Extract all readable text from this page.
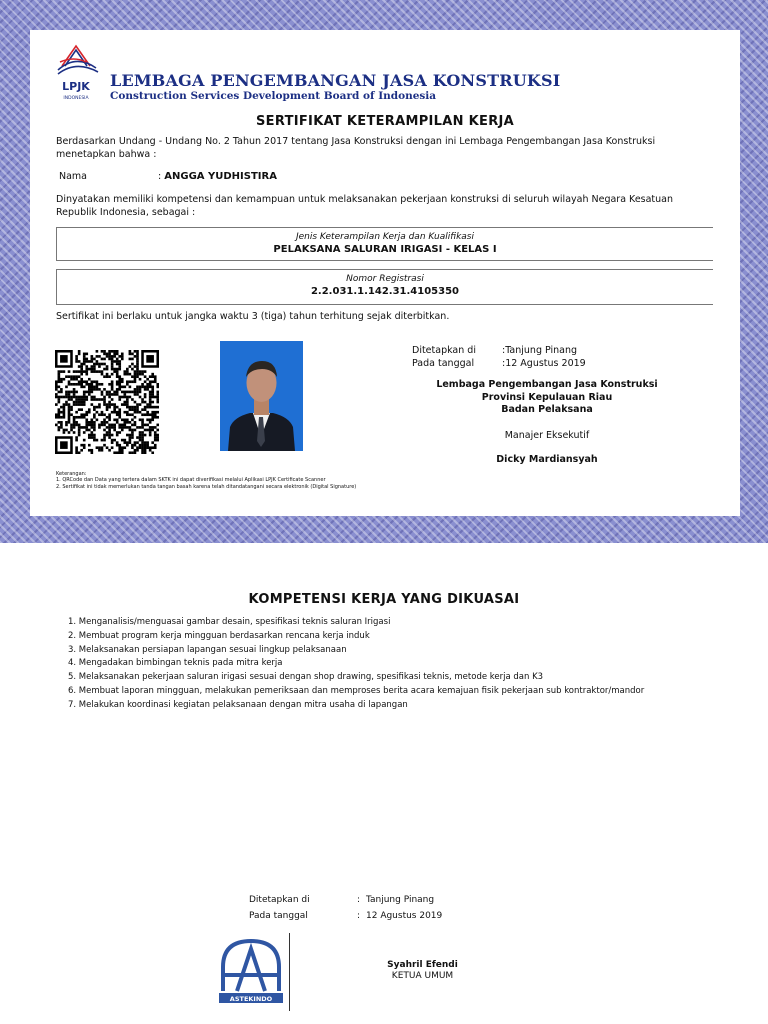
LPJK
INDONESIA
LEMBAGA PENGEMBANGAN JASA KONSTRUKSI
Construction Services Development Board of Indonesia
SERTIFIKAT KETERAMPILAN KERJA
Berdasarkan Undang - Undang No. 2 Tahun 2017 tentang Jasa Konstruksi dengan ini Lembaga Pengembangan Jasa Konstruksi menetapkan bahwa :
Nama	: ANGGA YUDHISTIRA
Dinyatakan memiliki kompetensi dan kemampuan untuk melaksanakan pekerjaan konstruksi di seluruh wilayah Negara Kesatuan Republik Indonesia, sebagai :
Jenis Keterampilan Kerja dan Kualifikasi
PELAKSANA SALURAN IRIGASI - KELAS I
Nomor Registrasi
2.2.031.1.142.31.4105350
Sertifikat ini berlaku untuk jangka waktu 3 (tiga) tahun terhitung sejak diterbitkan.
Ditetapkan di	:Tanjung Pinang
Pada tanggal	:12 Agustus 2019
Lembaga Pengembangan Jasa Konstruksi
Provinsi Kepulauan Riau
Badan Pelaksana
Manajer Eksekutif
Dicky Mardiansyah
Keterangan:
1. QRCode dan Data yang tertera dalam SKTK ini dapat diverifikasi melalui Aplikasi LPJK Certificate Scanner
2. Sertifikat ini tidak memerlukan tanda tangan basah karena telah ditandatangani secara elektronik (Digital Signature)
KOMPETENSI KERJA YANG DIKUASAI
1. Menganalisis/menguasai gambar desain, spesifikasi teknis saluran Irigasi
2. Membuat program kerja mingguan berdasarkan rencana kerja induk
3. Melaksanakan persiapan lapangan sesuai lingkup pelaksanaan
4. Mengadakan bimbingan teknis pada mitra kerja
5. Melaksanakan pekerjaan saluran irigasi sesuai dengan shop drawing, spesifikasi teknis, metode kerja dan K3
6. Membuat laporan mingguan, melakukan pemeriksaan dan memproses berita acara kemajuan fisik pekerjaan sub kontraktor/mandor
7. Melakukan koordinasi kegiatan pelaksanaan dengan mitra usaha di lapangan
Ditetapkan di	: Tanjung Pinang
Pada tanggal	: 12 Agustus 2019
ASTEKINDO
Syahril Efendi
KETUA UMUM
